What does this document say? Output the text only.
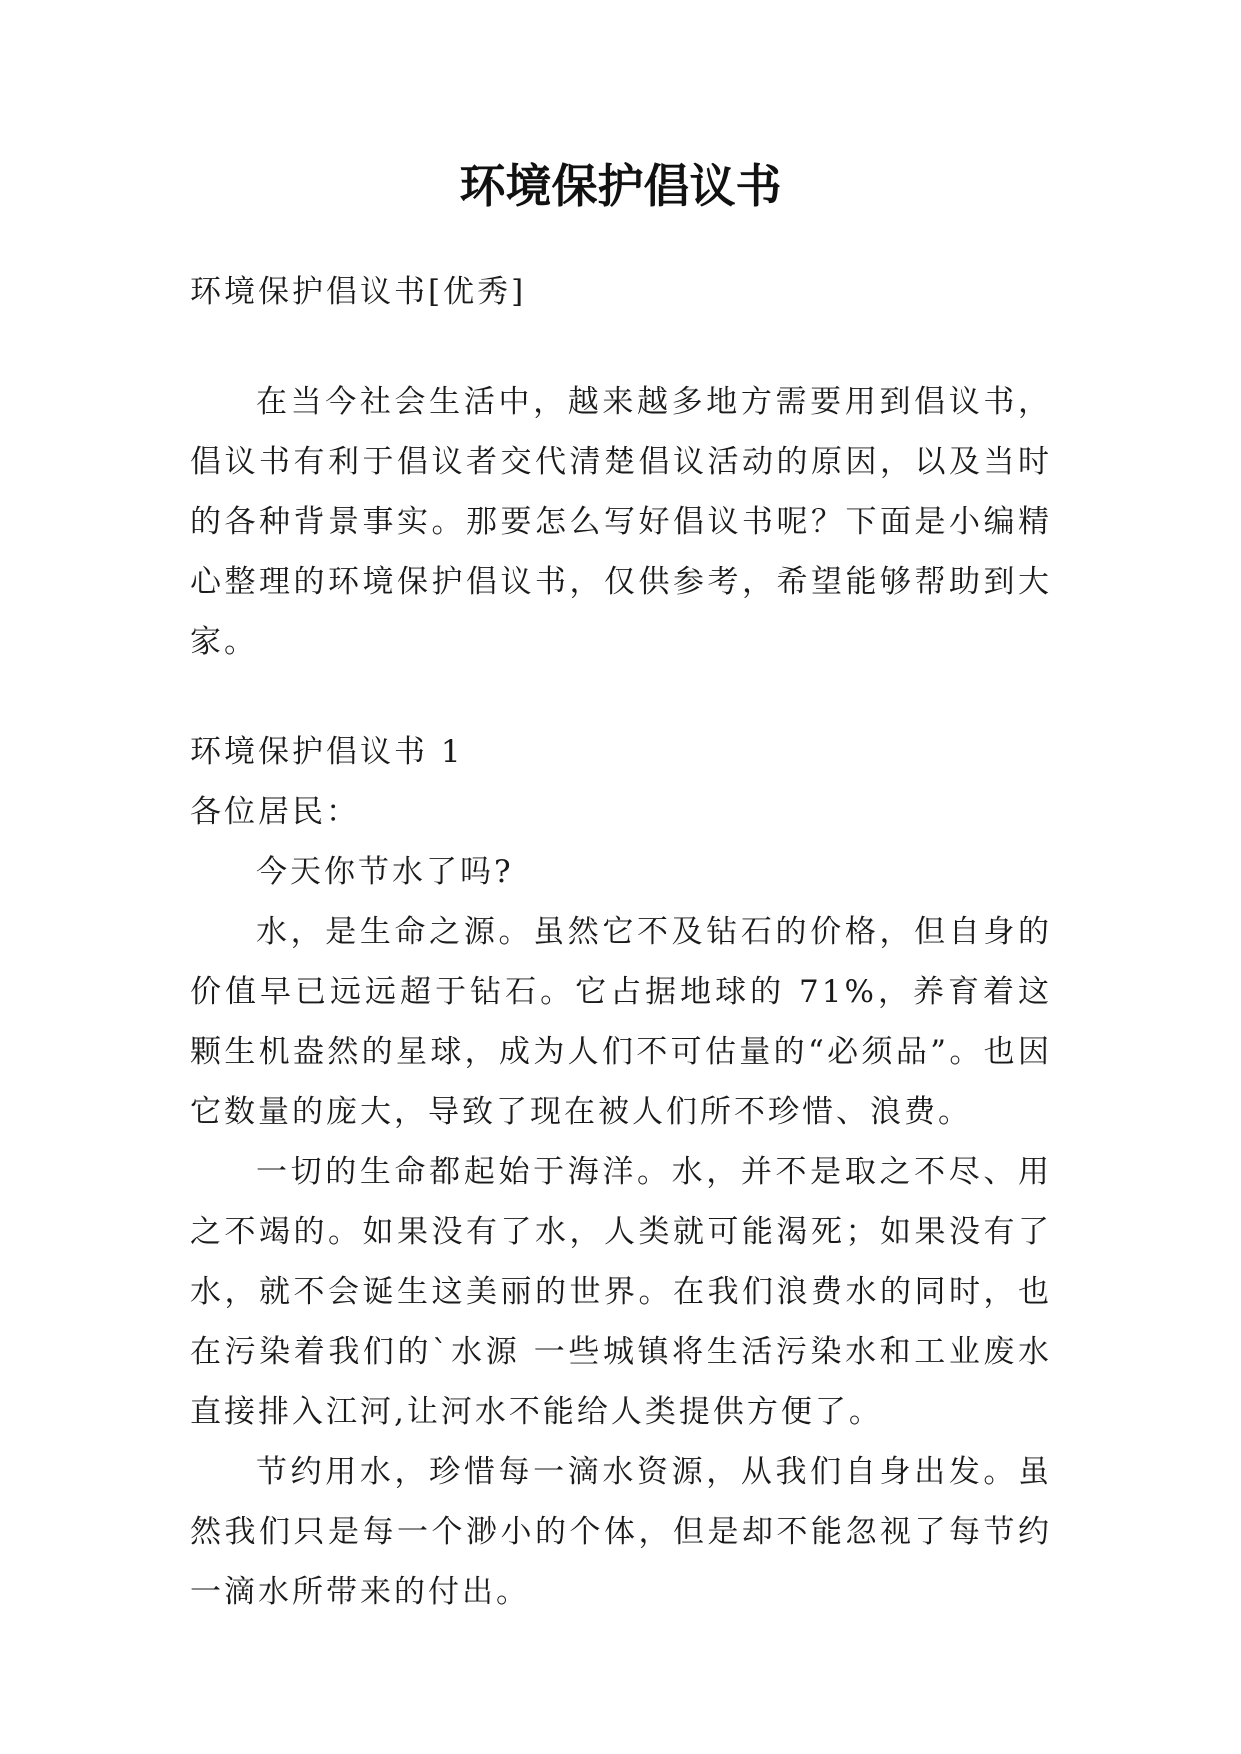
环境保护倡议书

环境保护倡议书[优秀]

在当今社会生活中，越来越多地方需要用到倡议书，倡议书有利于倡议者交代清楚倡议活动的原因，以及当时的各种背景事实。那要怎么写好倡议书呢？下面是小编精心整理的环境保护倡议书，仅供参考，希望能够帮助到大家。

环境保护倡议书 1

各位居民：

今天你节水了吗?

水，是生命之源。虽然它不及钻石的价格，但自身的价值早已远远超于钻石。它占据地球的 71%，养育着这颗生机盎然的星球，成为人们不可估量的“必须品”。也因它数量的庞大，导致了现在被人们所不珍惜、浪费。

一切的生命都起始于海洋。水，并不是取之不尽、用之不竭的。如果没有了水，人类就可能渴死；如果没有了水，就不会诞生这美丽的世界。在我们浪费水的同时，也在污染着我们的`水源 一些城镇将生活污染水和工业废水直接排入江河,让河水不能给人类提供方便了。

节约用水，珍惜每一滴水资源，从我们自身出发。虽然我们只是每一个渺小的个体，但是却不能忽视了每节约一滴水所带来的付出。
